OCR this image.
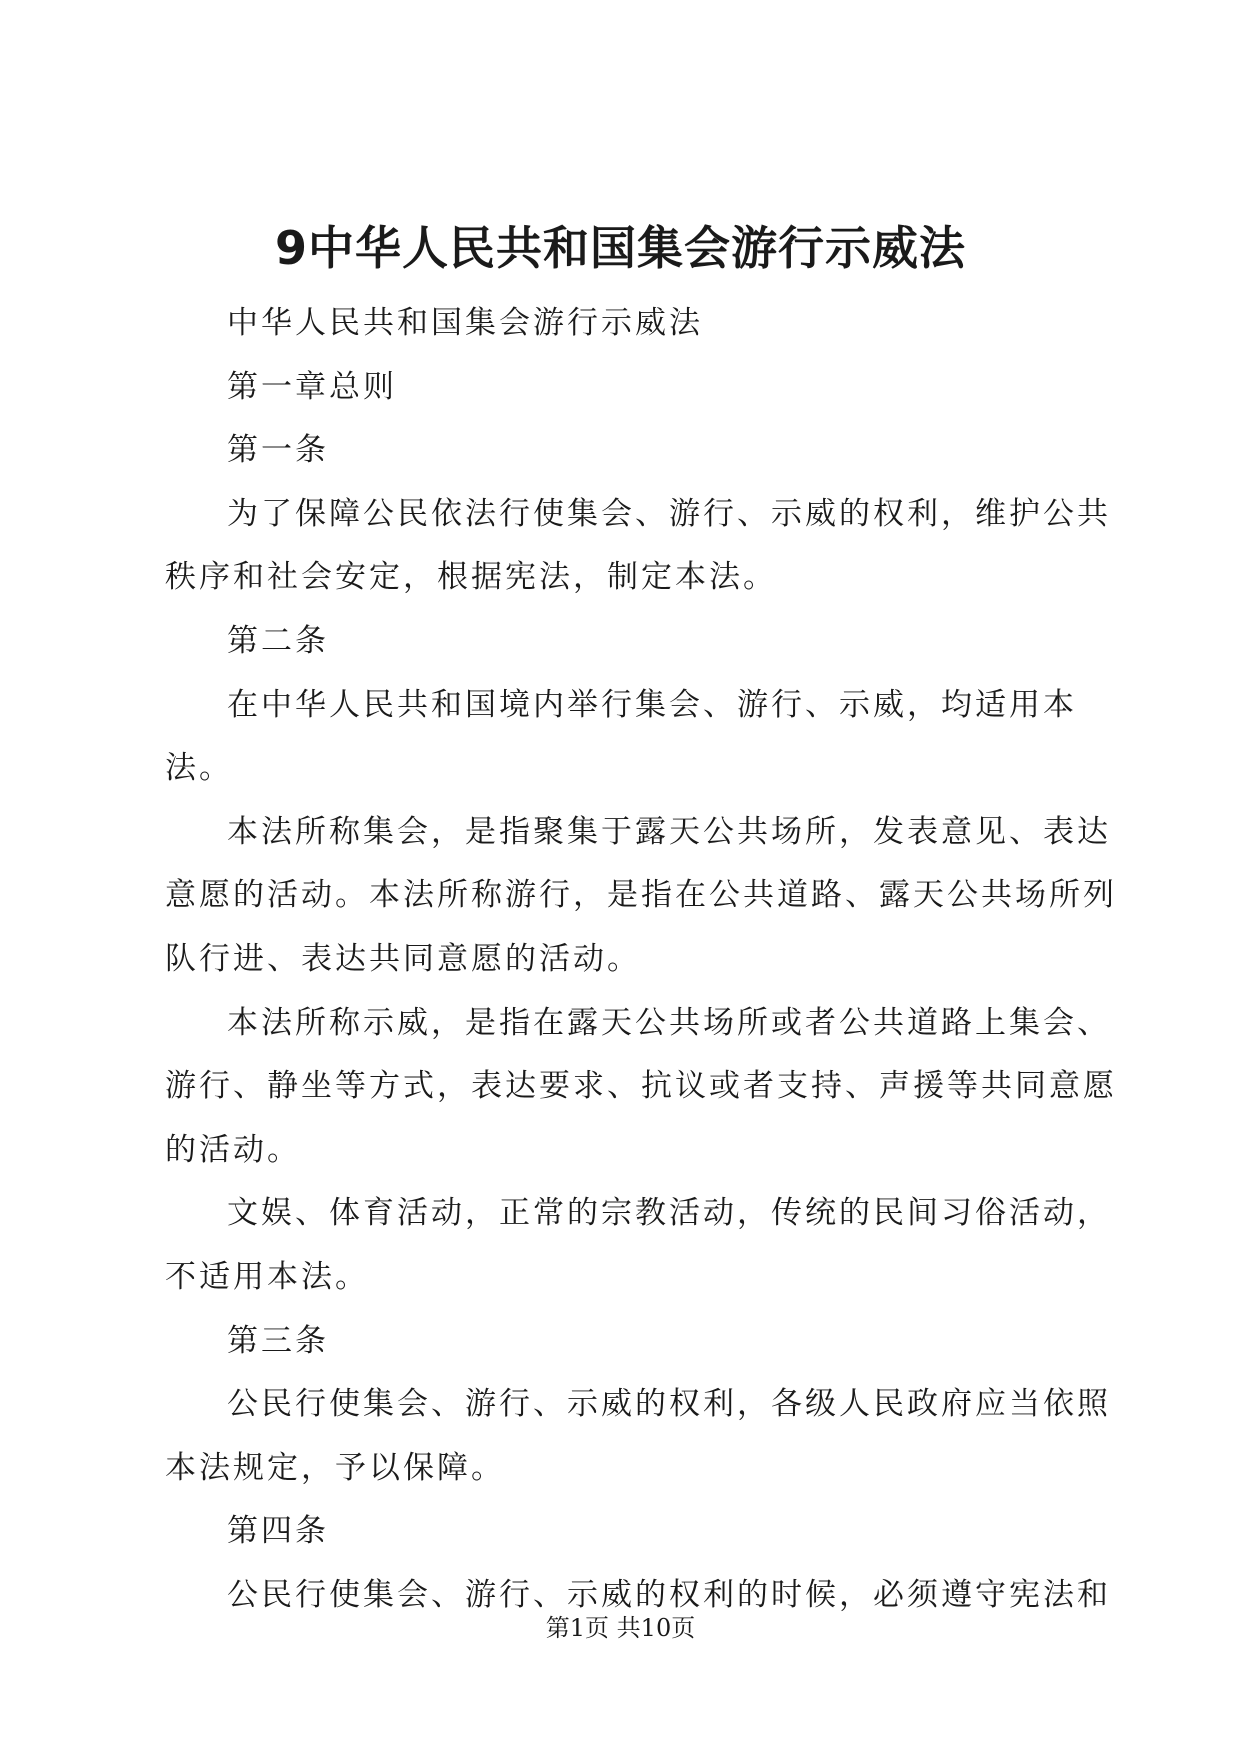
9中华人民共和国集会游行示威法

中华人民共和国集会游行示威法

第一章总则

第一条

为了保障公民依法行使集会、游行、示威的权利，维护公共秩序和社会安定，根据宪法，制定本法。

第二条

在中华人民共和国境内举行集会、游行、示威，均适用本法。

本法所称集会，是指聚集于露天公共场所，发表意见、表达意愿的活动。本法所称游行，是指在公共道路、露天公共场所列队行进、表达共同意愿的活动。

本法所称示威，是指在露天公共场所或者公共道路上集会、游行、静坐等方式，表达要求、抗议或者支持、声援等共同意愿的活动。

文娱、体育活动，正常的宗教活动，传统的民间习俗活动，不适用本法。

第三条

公民行使集会、游行、示威的权利，各级人民政府应当依照本法规定，予以保障。

第四条

公民行使集会、游行、示威的权利的时候，必须遵守宪法和

第1页 共10页
